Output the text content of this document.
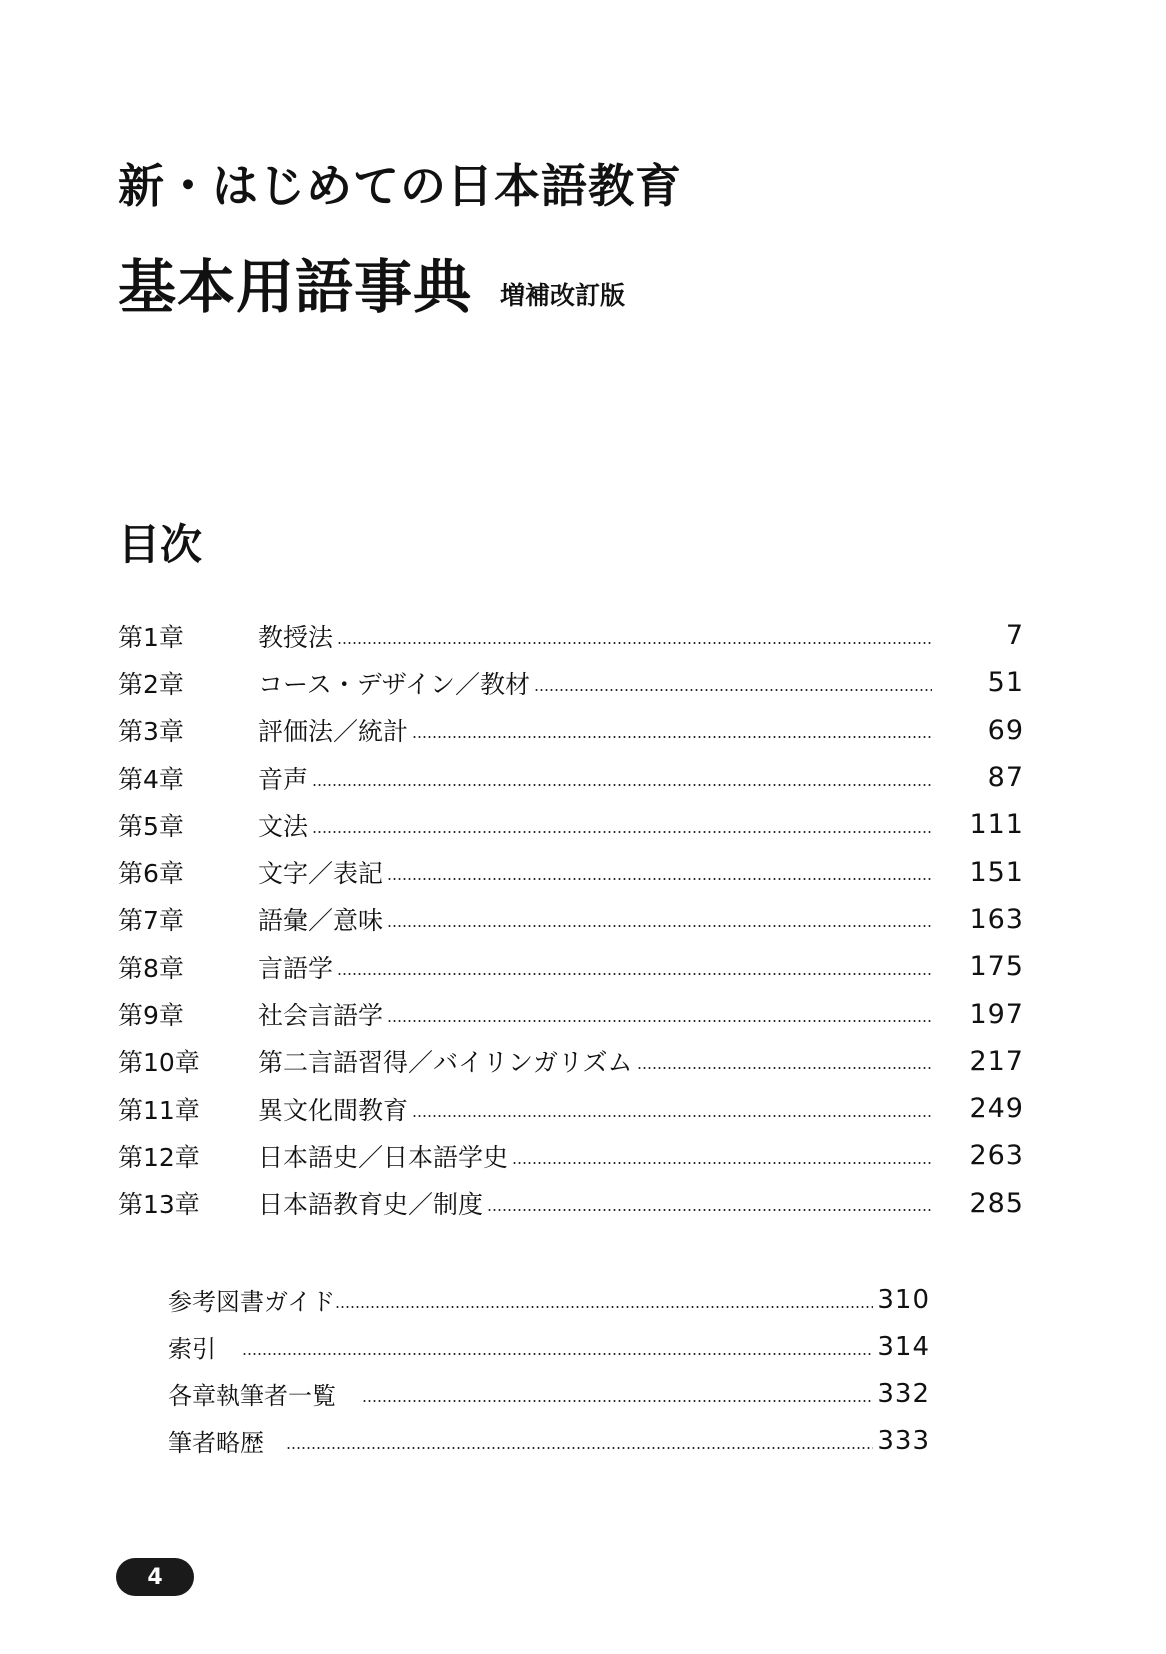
新・はじめての日本語教育
基本用語事典 増補改訂版
目次
第1章	教授法	7
第2章	コース・デザイン／教材	51
第3章	評価法／統計	69
第4章	音声	87
第5章	文法	111
第6章	文字／表記	151
第7章	語彙／意味	163
第8章	言語学	175
第9章	社会言語学	197
第10章	第二言語習得／バイリンガリズム	217
第11章	異文化間教育	249
第12章	日本語史／日本語学史	263
第13章	日本語教育史／制度	285
参考図書ガイド	310
索引	314
各章執筆者一覧	332
筆者略歴	333
4
